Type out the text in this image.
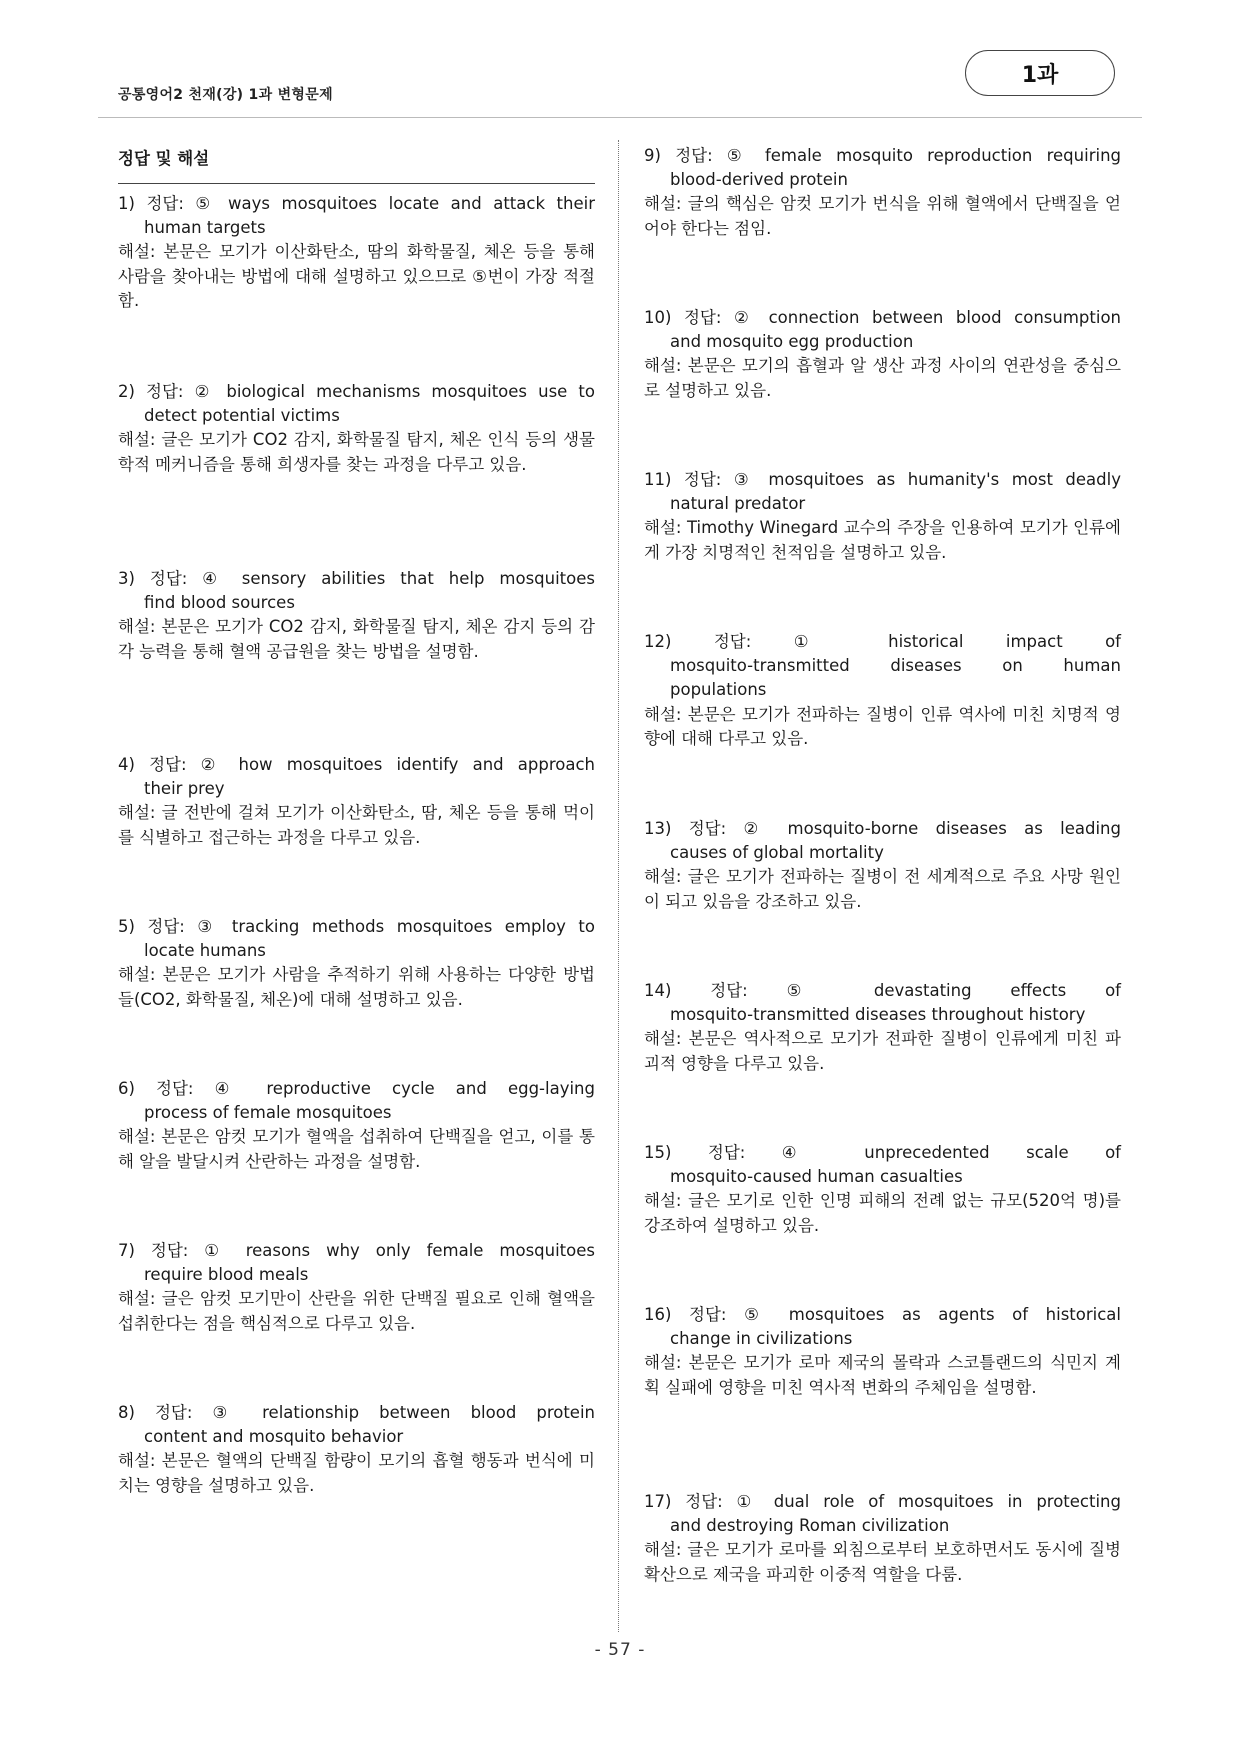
공통영어2 천재(강) 1과 변형문제
1과
정답 및 해설
1) 정답: ⑤ ways mosquitoes locate and attack their
human targets
해설: 본문은 모기가 이산화탄소, 땀의 화학물질, 체온 등을 통해 사람을 찾아내는 방법에 대해 설명하고 있으므로 ⑤번이 가장 적절함.
2) 정답: ② biological mechanisms mosquitoes use to
detect potential victims
해설: 글은 모기가 CO2 감지, 화학물질 탐지, 체온 인식 등의 생물학적 메커니즘을 통해 희생자를 찾는 과정을 다루고 있음.
3) 정답: ④ sensory abilities that help mosquitoes
find blood sources
해설: 본문은 모기가 CO2 감지, 화학물질 탐지, 체온 감지 등의 감각 능력을 통해 혈액 공급원을 찾는 방법을 설명함.
4) 정답: ② how mosquitoes identify and approach
their prey
해설: 글 전반에 걸쳐 모기가 이산화탄소, 땀, 체온 등을 통해 먹이를 식별하고 접근하는 과정을 다루고 있음.
5) 정답: ③ tracking methods mosquitoes employ to
locate humans
해설: 본문은 모기가 사람을 추적하기 위해 사용하는 다양한 방법들(CO2, 화학물질, 체온)에 대해 설명하고 있음.
6) 정답: ④ reproductive cycle and egg-laying
process of female mosquitoes
해설: 본문은 암컷 모기가 혈액을 섭취하여 단백질을 얻고, 이를 통해 알을 발달시켜 산란하는 과정을 설명함.
7) 정답: ① reasons why only female mosquitoes
require blood meals
해설: 글은 암컷 모기만이 산란을 위한 단백질 필요로 인해 혈액을 섭취한다는 점을 핵심적으로 다루고 있음.
8) 정답: ③ relationship between blood protein
content and mosquito behavior
해설: 본문은 혈액의 단백질 함량이 모기의 흡혈 행동과 번식에 미치는 영향을 설명하고 있음.
9) 정답: ⑤ female mosquito reproduction requiring
blood-derived protein
해설: 글의 핵심은 암컷 모기가 번식을 위해 혈액에서 단백질을 얻어야 한다는 점임.
10) 정답: ② connection between blood consumption
and mosquito egg production
해설: 본문은 모기의 흡혈과 알 생산 과정 사이의 연관성을 중심으로 설명하고 있음.
11) 정답: ③ mosquitoes as humanity's most deadly
natural predator
해설: Timothy Winegard 교수의 주장을 인용하여 모기가 인류에게 가장 치명적인 천적임을 설명하고 있음.
12) 정답: ① historical impact of
mosquito-transmitted diseases on human
populations
해설: 본문은 모기가 전파하는 질병이 인류 역사에 미친 치명적 영향에 대해 다루고 있음.
13) 정답: ② mosquito-borne diseases as leading
causes of global mortality
해설: 글은 모기가 전파하는 질병이 전 세계적으로 주요 사망 원인이 되고 있음을 강조하고 있음.
14) 정답: ⑤ devastating effects of
mosquito-transmitted diseases throughout history
해설: 본문은 역사적으로 모기가 전파한 질병이 인류에게 미친 파괴적 영향을 다루고 있음.
15) 정답: ④ unprecedented scale of
mosquito-caused human casualties
해설: 글은 모기로 인한 인명 피해의 전례 없는 규모(520억 명)를 강조하여 설명하고 있음.
16) 정답: ⑤ mosquitoes as agents of historical
change in civilizations
해설: 본문은 모기가 로마 제국의 몰락과 스코틀랜드의 식민지 계획 실패에 영향을 미친 역사적 변화의 주체임을 설명함.
17) 정답: ① dual role of mosquitoes in protecting
and destroying Roman civilization
해설: 글은 모기가 로마를 외침으로부터 보호하면서도 동시에 질병 확산으로 제국을 파괴한 이중적 역할을 다룸.
- 57 -
